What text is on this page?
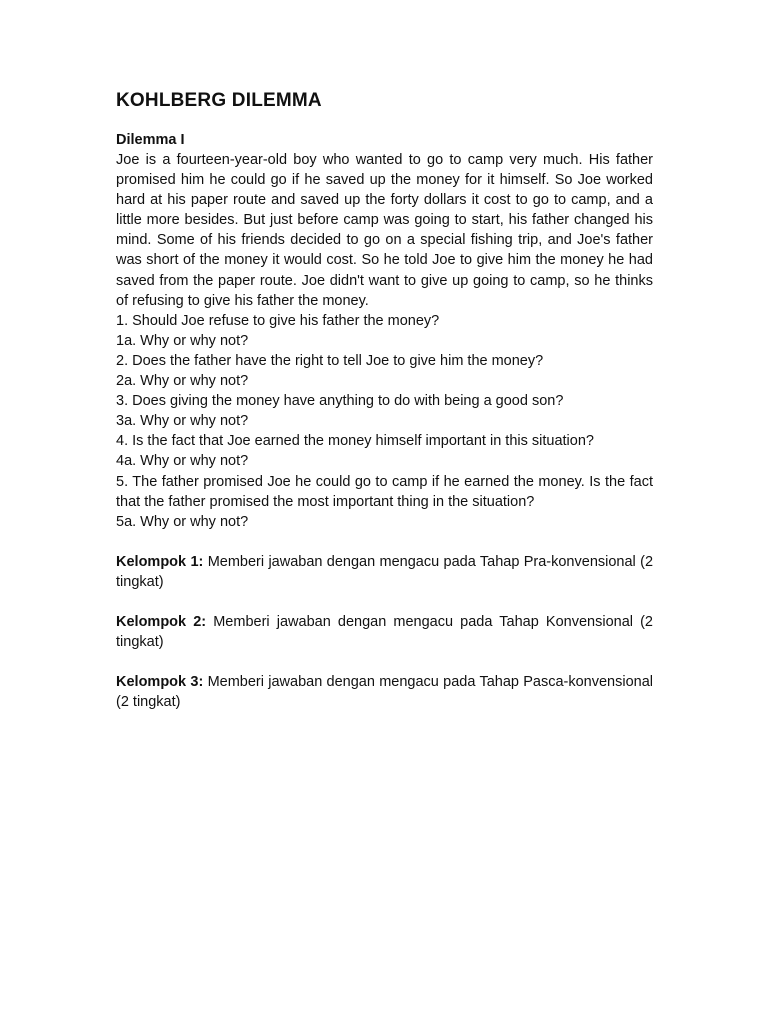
KOHLBERG DILEMMA
Dilemma I

Joe is a fourteen-year-old boy who wanted to go to camp very much. His father promised him he could go if he saved up the money for it himself. So Joe worked hard at his paper route and saved up the forty dollars it cost to go to camp, and a little more besides. But just before camp was going to start, his father changed his mind. Some of his friends decided to go on a special fishing trip, and Joe's father was short of the money it would cost. So he told Joe to give him the money he had saved from the paper route. Joe didn't want to give up going to camp, so he thinks of refusing to give his father the money.

1. Should Joe refuse to give his father the money?
1a. Why or why not?
2. Does the father have the right to tell Joe to give him the money?
2a. Why or why not?
3. Does giving the money have anything to do with being a good son?
3a. Why or why not?
4. Is the fact that Joe earned the money himself important in this situation?
4a. Why or why not?
5. The father promised Joe he could go to camp if he earned the money. Is the fact that the father promised the most important thing in the situation?
5a. Why or why not?

Kelompok 1: Memberi jawaban dengan mengacu pada Tahap Pra-konvensional (2 tingkat)

Kelompok 2: Memberi jawaban dengan mengacu pada Tahap Konvensional (2 tingkat)

Kelompok 3: Memberi jawaban dengan mengacu pada Tahap Pasca-konvensional (2 tingkat)
